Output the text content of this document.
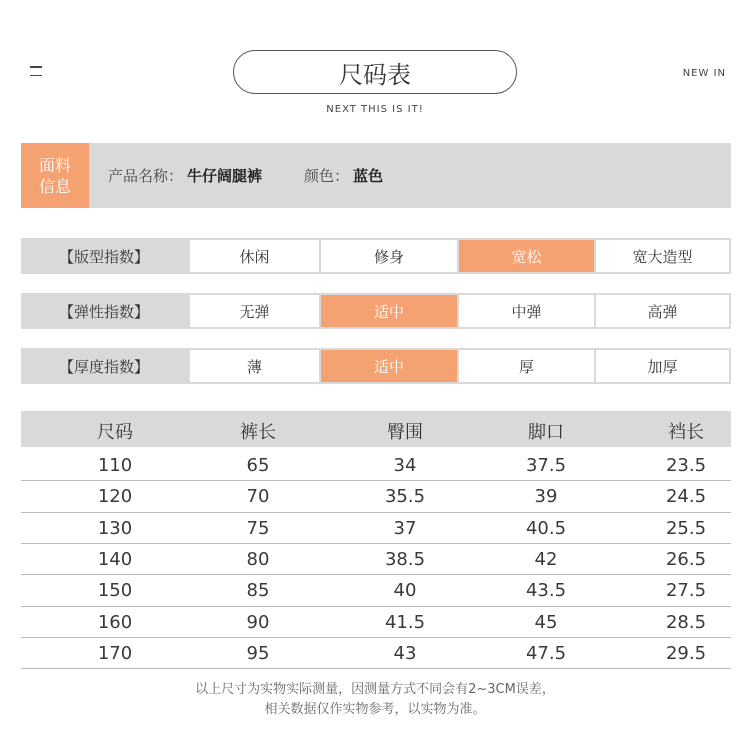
尺码表
NEXT THIS IS IT!
NEW IN
面料
信息
产品名称： 牛仔阔腿裤	颜色： 蓝色
【版型指数】	休闲	修身	宽松	宽大造型
【弹性指数】	无弹	适中	中弹	高弹
【厚度指数】	薄	适中	厚	加厚
尺码	裤长	臀围	脚口	裆长
110	65	34	37.5	23.5
120	70	35.5	39	24.5
130	75	37	40.5	25.5
140	80	38.5	42	26.5
150	85	40	43.5	27.5
160	90	41.5	45	28.5
170	95	43	47.5	29.5
以上尺寸为实物实际测量，因测量方式不同会有2~3CM误差，
相关数据仅作实物参考，以实物为准。
